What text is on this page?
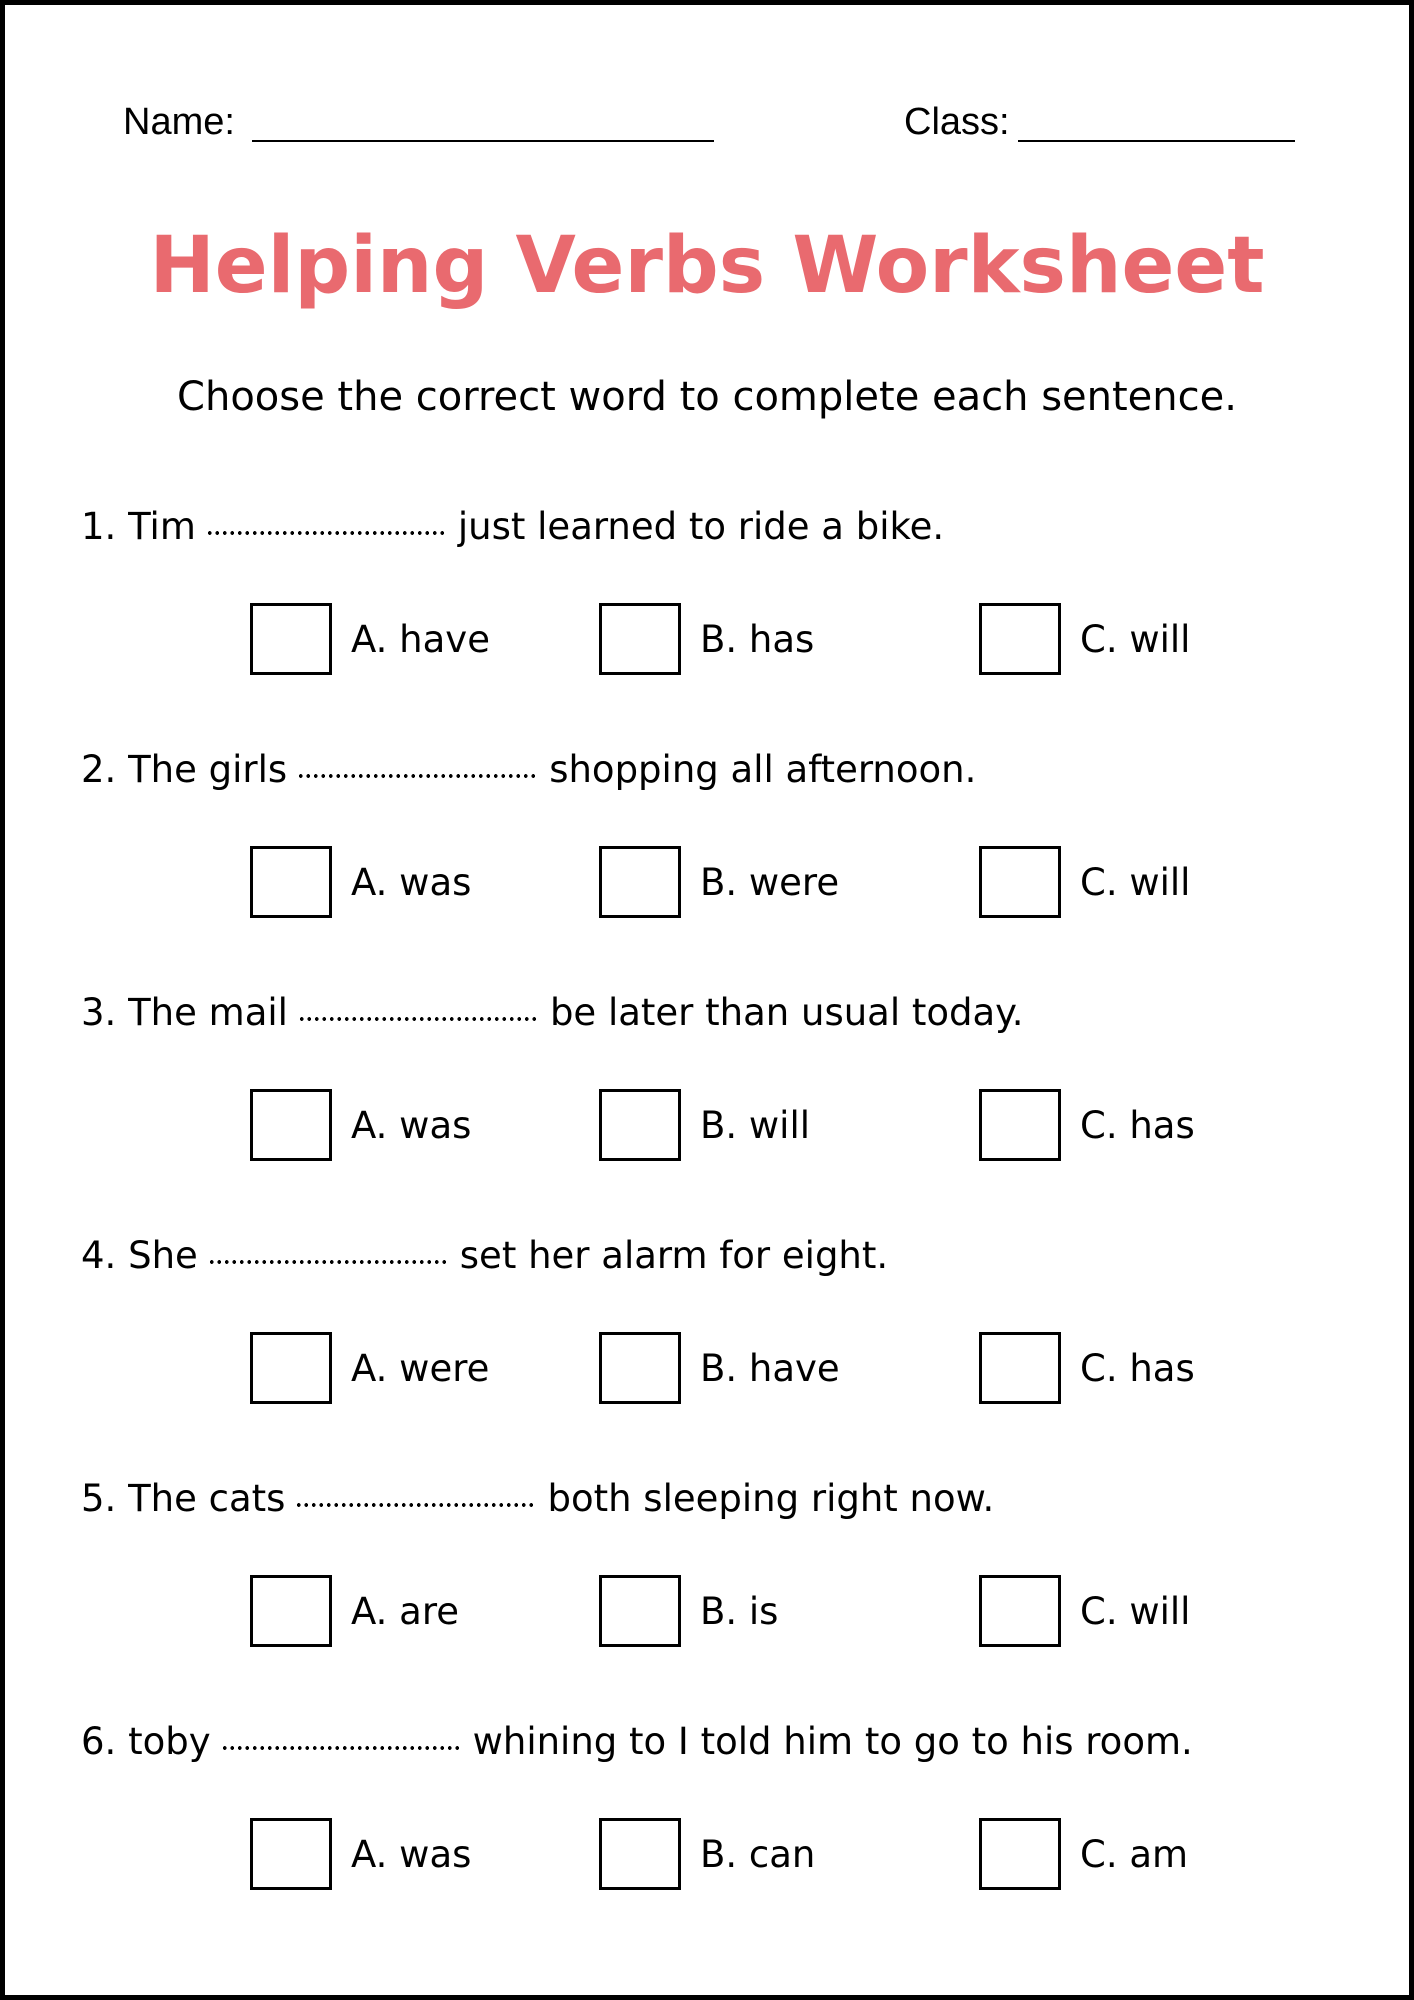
Name:	Class:
Helping Verbs Worksheet
Choose the correct word to complete each sentence.
1. Tim	just learned to ride a bike.
A. have	B. has	C. will
2. The girls	shopping all afternoon.
A. was	B. were	C. will
3. The mail	be later than usual today.
A. was	B. will	C. has
4. She	set her alarm for eight.
A. were	B. have	C. has
5. The cats	both sleeping right now.
A. are	B. is	C. will
6. toby	whining to I told him to go to his room.
A. was	B. can	C. am
